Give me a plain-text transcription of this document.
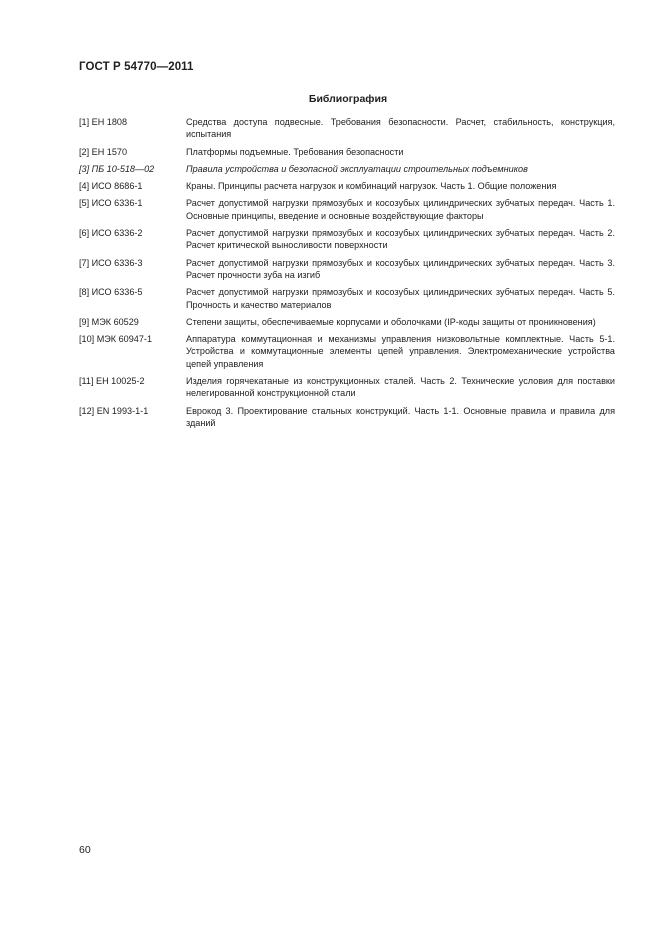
ГОСТ Р 54770—2011
Библиография
[1] ЕН 1808	Средства доступа подвесные. Требования безопасности. Расчет, стабильность, конструкция, испытания
[2] ЕН 1570	Платформы подъемные. Требования безопасности
[3] ПБ 10-518—02	Правила устройства и безопасной эксплуатации строительных подъемников
[4] ИСО 8686-1	Краны. Принципы расчета нагрузок и комбинаций нагрузок. Часть 1. Общие положения
[5] ИСО 6336-1	Расчет допустимой нагрузки прямозубых и косозубых цилиндрических зубчатых передач. Часть 1. Основные принципы, введение и основные воздействующие факторы
[6] ИСО 6336-2	Расчет допустимой нагрузки прямозубых и косозубых цилиндрических зубчатых передач. Часть 2. Расчет критической выносливости поверхности
[7] ИСО 6336-3	Расчет допустимой нагрузки прямозубых и косозубых цилиндрических зубчатых передач. Часть 3. Расчет прочности зуба на изгиб
[8] ИСО 6336-5	Расчет допустимой нагрузки прямозубых и косозубых цилиндрических зубчатых передач. Часть 5. Прочность и качество материалов
[9] МЭК 60529	Степени защиты, обеспечиваемые корпусами и оболочками (IP-коды защиты от проникновения)
[10] МЭК 60947-1	Аппаратура коммутационная и механизмы управления низковольтные комплектные. Часть 5-1. Устройства и коммутационные элементы цепей управления. Электромеханические устройства цепей управления
[11] ЕН 10025-2	Изделия горячекатаные из конструкционных сталей. Часть 2. Технические условия для поставки нелегированной конструкционной стали
[12] EN 1993-1-1	Еврокод 3. Проектирование стальных конструкций. Часть 1-1. Основные правила и правила для зданий
60
